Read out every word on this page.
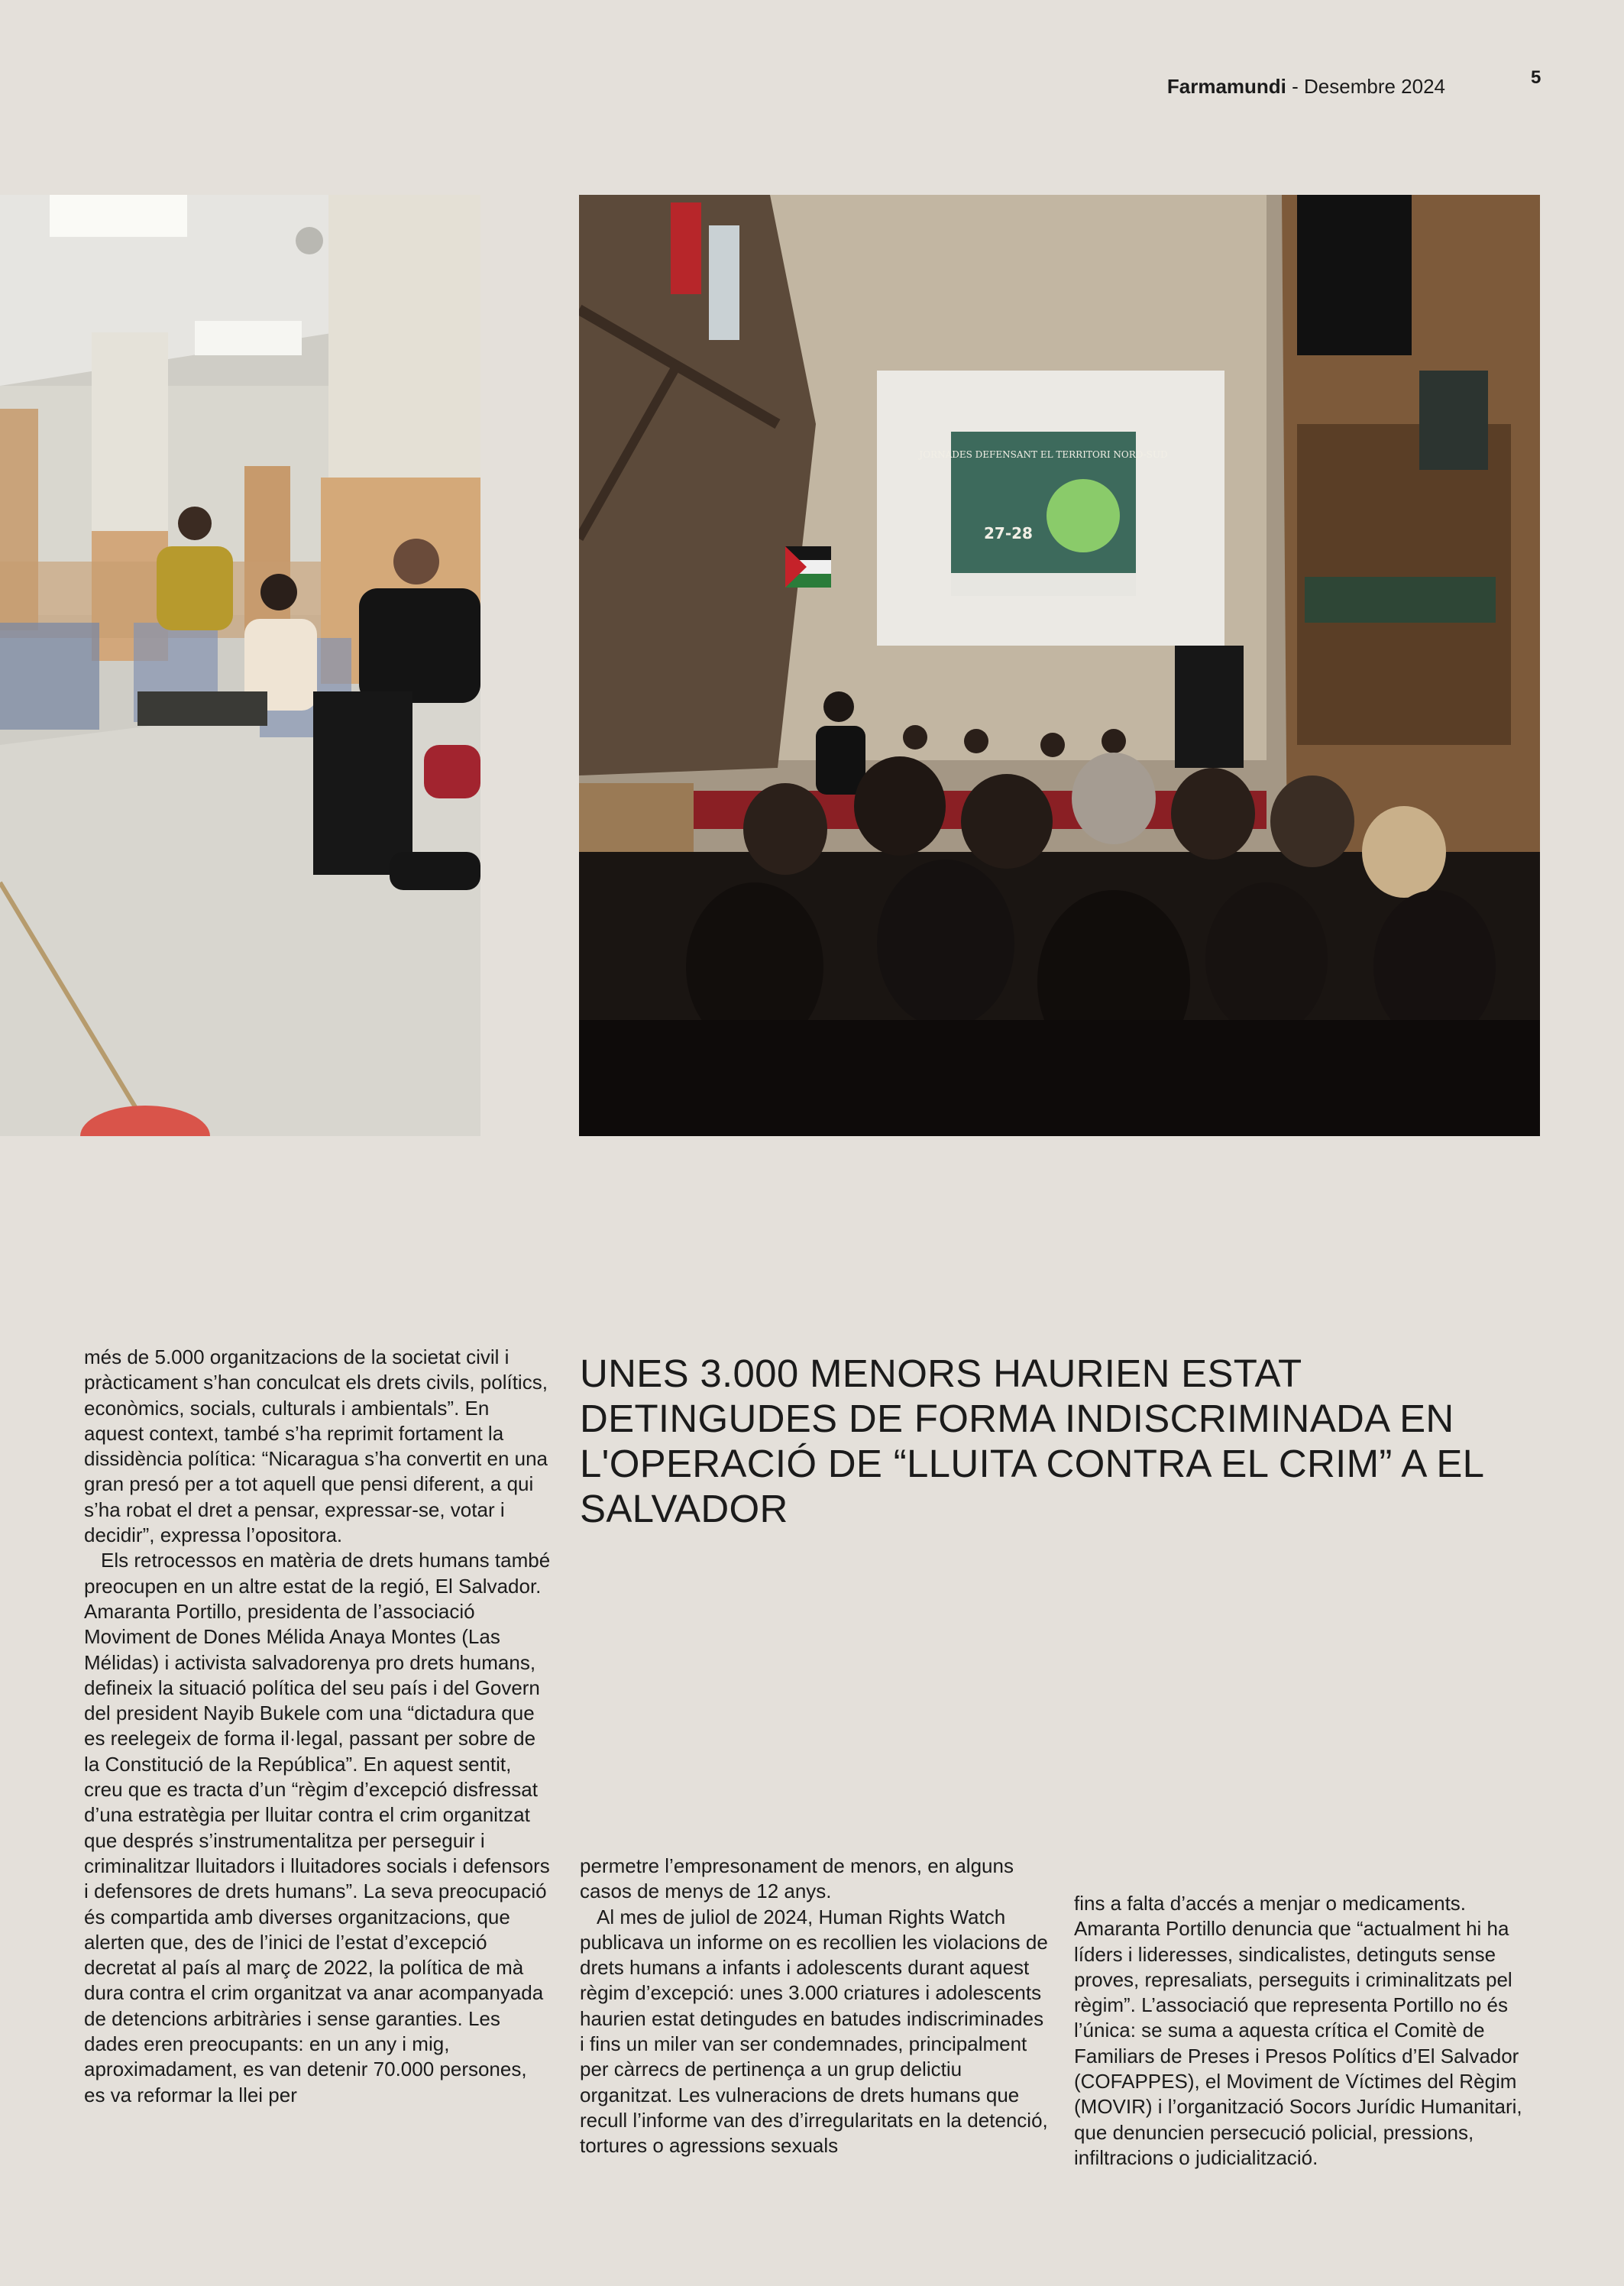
Farmamundi - Desembre 2024	5
JORNADES DEFENSANT EL TERRITORI NORD-SUD
27-28

més de 5.000 organitzacions de la societat civil i pràcticament s’han conculcat els drets civils, polítics, econòmics, socials, culturals i ambientals”. En aquest context, també s’ha reprimit fortament la dissidència política: “Nicaragua s’ha convertit en una gran presó per a tot aquell que pensi diferent, a qui s’ha robat el dret a pensar, expressar-se, votar i decidir”, expressa l’opositora.

Els retrocessos en matèria de drets humans també preocupen en un altre estat de la regió, El Salvador. Amaranta Portillo, presidenta de l’associació Moviment de Dones Mélida Anaya Montes (Las Mélidas) i activista salvadorenya pro drets humans, defineix la situació política del seu país i del Govern del president Nayib Bukele com una “dictadura que es reelegeix de forma il·legal, passant per sobre de la Constitució de la República”. En aquest sentit, creu que es tracta d’un “règim d’excepció disfressat d’una estratègia per lluitar contra el crim organitzat que després s’instrumentalitza per perseguir i criminalitzar lluitadors i lluitadores socials i defensors i defensores de drets humans”. La seva preocupació és compartida amb diverses organitzacions, que alerten que, des de l’inici de l’estat d’excepció decretat al país al març de 2022, la política de mà dura contra el crim organitzat va anar acompanyada de detencions arbitràries i sense garanties. Les dades eren preocupants: en un any i mig, aproximadament, es van detenir 70.000 persones, es va reformar la llei per

UNES 3.000 MENORS HAURIEN ESTAT DETINGUDES DE FORMA INDISCRIMINADA EN L'OPERACIÓ DE “LLUITA CONTRA EL CRIM” A EL SALVADOR

permetre l’empresonament de menors, en alguns casos de menys de 12 anys.

Al mes de juliol de 2024, Human Rights Watch publicava un informe on es recollien les violacions de drets humans a infants i adolescents durant aquest règim d’excepció: unes 3.000 criatures i adolescents haurien estat detingudes en batudes indiscriminades i fins un miler van ser condemnades, principalment per càrrecs de pertinença a un grup delictiu organitzat. Les vulneracions de drets humans que recull l’informe van des d’irregularitats en la detenció, tortures o agressions sexuals

fins a falta d’accés a menjar o medicaments. Amaranta Portillo denuncia que “actualment hi ha líders i lideresses, sindicalistes, detinguts sense proves, represaliats, perseguits i criminalitzats pel règim”. L’associació que representa Portillo no és l’única: se suma a aquesta crítica el Comitè de Familiars de Preses i Presos Polítics d’El Salvador (COFAPPES), el Moviment de Víctimes del Règim (MOVIR) i l’organització Socors Jurídic Humanitari, que denuncien persecució policial, pressions, infiltracions o judicialització.
